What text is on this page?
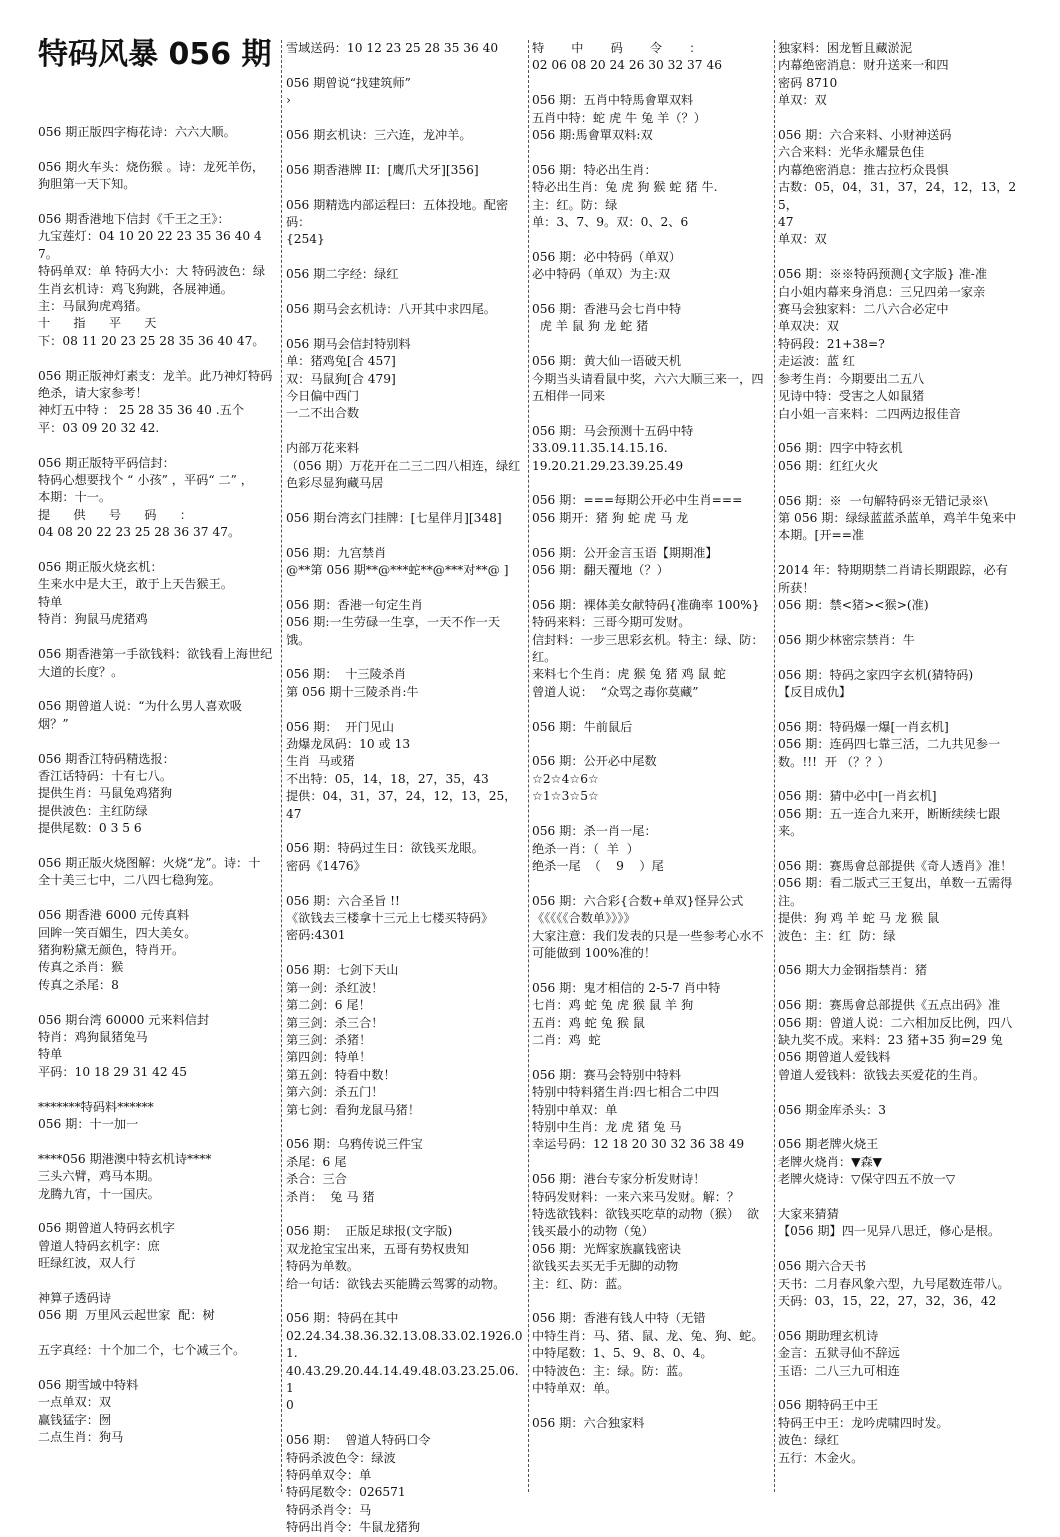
特码风暴 056 期
056 期正版四字梅花诗：六六大顺。
056 期火车头：烧伤猴 。诗：龙死羊伤，
狗胆第一天下知。
056 期香港地下信封《千王之王》：
九宝莲灯：04 10 20 22 23 35 36 40 47。
特码单双：单 特码大小：大 特码波色：绿
生肖玄机诗：鸡飞狗跳，各展神通。
主：马鼠狗虎鸡猪。
十      指      平      天
下：08 11 20 23 25 28 35 36 40 47。
056 期正版神灯素支：龙羊。此乃神灯特码
绝杀，请大家参考！
神灯五中特 ： 25 28 35 36 40 .五个
平：03 09 20 32 42.
056 期正版特平码信封：
特码心想要找个 “ 小孩” ，平码“ 二” ，
本期：十一。
提      供      号      码      ：
04 08 20 22 23 25 28 36 37 47。
056 期正版火烧玄机：
生来水中是大王，敢于上天告猴王。
特单
特肖：狗鼠马虎猪鸡
056 期香港第一手欲钱料：欲钱看上海世纪
大道的长度？。
056 期曾道人说：“为什么男人喜欢吸
烟？”
056 期香江特码精选报：
香江话特码：十有七八。
提供生肖：马鼠兔鸡猪狗
提供波色：主红防绿
提供尾数：0 3 5 6
056 期正版火烧图解：火烧“龙”。诗：十
全十美三七中，二八四七稳狗笼。
056 期香港 6000 元传真料
回眸一笑百媚生，四大美女。
猪狗粉黛无颜色，特肖开。
传真之杀肖：猴
传真之杀尾：8
056 期台湾 60000 元来料信封
特肖：鸡狗鼠猪兔马
特单
平码：10 18 29 31 42 45
*******特码料******
056 期：十一加一
****056 期港澳中特玄机诗****
三头六臂，鸡马本期。
龙腾九宵，十一国庆。
056 期曾道人特码玄机字
曾道人特码玄机字：庶
旺绿红波，双人行
神算子透码诗
056 期  万里风云起世家  配：树
五字真经：十个加二个，七个减三个。
056 期雪域中特料
一点单双：双
赢钱猛字：囫
二点生肖：狗马
雪域送码：10 12 23 25 28 35 36 40
056 期曾说“找建筑师”
›
056 期玄机诀：三六连，龙冲羊。
056 期香港牌 II：[鹰爪犬牙][356]
056 期精选内部运程曰：五体投地。配密码：
{254}
056 期二字经：绿红
056 期马会玄机诗：八开其中求四尾。
056 期马会信封特别料
单：猪鸡兔[合 457]
双：马鼠狗[合 479]
今日偏中西门
一二不出合数
内部万花来料
（056 期）万花开在二三二四八相连，绿红
色彩尽显狗藏马居
056 期台湾玄门挂牌：[七星伴月][348]
056 期：九宫禁肖
@**第 056 期**@***蛇**@***对**@ ]
056 期：香港一句定生肖
056 期:一生劳碌一生享，一天不作一天饿。
056 期：  十三陵杀肖
第 056 期十三陵杀肖:牛
056 期：  开门见山
劲爆龙凤码：10 或 13
生肖  马或猪
不出特：05，14，18，27，35，43
提供：04，31，37，24，12，13，25，47
056 期：特码过生日：欲钱买龙眼。
密码《1476》
056 期：六合圣旨 !!
《欲钱去三楼拿十三元上七楼买特码》
密码:4301
056 期：七剑下天山
第一剑：杀红波！
第二剑：6 尾！
第三剑：杀三合！
第三剑：杀猪！
第四剑：特单！
第五剑：特看中数！
第六剑：杀五门！
第七剑：看狗龙鼠马猪！
056 期：乌鸦传说三件宝
杀尾：6 尾
杀合：三合
杀肖：  兔 马 猪
056 期：  正版足球报(文字版)
双龙抢宝宝出来，五哥有势权贵知
特码为单数。
给一句话：欲钱去买能腾云驾雾的动物。
056 期：特码在其中
02.24.34.38.36.32.13.08.33.02.1926.01.
40.43.29.20.44.14.49.48.03.23.25.06.1
0
056 期：  曾道人特码口令
特码杀波色令：绿波
特码单双令：单
特码尾数令：026571
特码杀肖令：马
特码出肖令：牛鼠龙猪狗
特       中       码       令       ：
02 06 08 20 24 26 30 32 37 46
056 期：五肖中特馬會單双料
五肖中特：蛇 虎 牛 兔 羊（？）
056 期:馬會單双料:双
056 期：特必出生肖：
特必出生肖：兔 虎 狗 猴 蛇 猪 牛.
主：红。防：绿
单：3、7、9。双：0、2、6
056 期：必中特码（单双）
必中特码（单双）为主:双
056 期：香港马会七肖中特
虎 羊 鼠 狗 龙 蛇 猪
056 期：黄大仙一语破天机
今期当头请看鼠中奖，六六大顺三来一，四
五相伴一同来
056 期：马会预测十五码中特
33.09.11.35.14.15.16.
19.20.21.29.23.39.25.49
056 期：===每期公开必中生肖===
056 期开：猪 狗 蛇 虎 马 龙
056 期：公开金言玉语【期期准】
056 期：翻天覆地（？）
056 期：裸体美女献特码{准确率 100%}
特码来料：三哥今期可发财。
信封料：一步三思彩玄机。特主：绿、防：
红。
来料七个生肖：虎 猴 兔 猪 鸡 鼠 蛇
曾道人说：  “众骂之毒你莫藏”
056 期：牛前鼠后
056 期：公开必中尾数
☆2☆4☆6☆
☆1☆3☆5☆
056 期：杀一肖一尾：
绝杀一肖：（  羊  ）
绝杀一尾  （    9    ）尾
056 期：六合彩{合数+单双}怪异公式
《《《《《合数单》》》》
大家注意：我们发表的只是一些参考心水不
可能做到 100%准的！
056 期：鬼才相信的 2-5-7 肖中特
七肖：鸡 蛇 兔 虎 猴 鼠 羊 狗
五肖：鸡 蛇 兔 猴 鼠
二肖：鸡  蛇
056 期：赛马会特别中特料
特别中特料猪生肖:四七相合二中四
特别中单双：单
特别中生肖：龙 虎 猪 兔 马
幸运号码：12 18 20 30 32 36 38 49
056 期：港台专家分析发财诗！
特码发财料：一来六来马发财。解：？
特选欲钱料：欲钱买吃草的动物（猴）  欲
钱买最小的动物（兔）
056 期：光辉家族赢钱密诀
欲钱买去买无手无脚的动物
主：红、防：蓝。
056 期：香港有钱人中特（无错
中特生肖：马、猪、鼠、龙、兔、狗、蛇。
中特尾数：1、5、9、8、0、4。
中特波色：主：绿。防：蓝。
中特单双：单。
056 期：六合独家料
独家料：困龙暂且藏淤泥
内幕绝密消息：财升送来一和四
密码 8710
单双：双
056 期：六合来料、小财神送码
六合来料：光华永耀景色佳
内幕绝密消息：推古拉朽众畏惧
古数：05，04，31，37，24，12，13，25，
47
单双：双
056 期：※※特码预测{文字版} 准-准
白小姐内幕来身消息：三兄四弟一家亲
赛马会独家料：二八六合必定中
单双决：双
特码段：21+38=?
走运波：蓝 红
参考生肖：今期要出二五八
见诗中特：受害之人如鼠猪
白小姐一言来料：二四两边报佳音
056 期：四字中特玄机
056 期：红红火火
056 期：※  一句解特码※无错记录※\
第 056 期：绿绿蓝蓝杀蓝单，鸡羊牛兔来中
本期。[开==准
2014 年：特期期禁二肖请长期跟踪，必有
所获！
056 期：禁<猪><猴>(准)
056 期少林密宗禁肖：牛
056 期：特码之家四字玄机(猜特码)
【反目成仇】
056 期：特码爆一爆[一肖玄机]
056 期：连码四七靠三活，二九共见参一
数。!!!  开 （？？）
056 期：猜中必中[一肖玄机]
056 期：五一连合九来开，断断续续七跟来。
056 期：赛馬會总部提供《奇人透肖》准！
056 期：看二版式三王复出，单数一五需得
注。
提供：狗 鸡 羊 蛇 马 龙 猴 鼠
波色：主：红  防：绿
056 期大力金钢指禁肖：猪
056 期：赛馬會总部提供《五点出码》准
056 期：曾道人说：二六相加反比例，四八
缺九奖不成。来料：23 猪+35 狗=29 兔
056 期曾道人爱钱料
曾道人爱钱料：欲钱去买爱花的生肖。
056 期金库杀头：3
056 期老牌火烧王
老牌火烧肖：▼森▼
老牌火烧诗：▽保守四五不放一▽
大家来猜猜
【056 期】四一见异八思迁，修心是根。
056 期六合天书
天书：二月春风象六型，九号尾数连带八。
天码：03，15，22，27，32，36，42
056 期助理玄机诗
金言：五狱寻仙不辞远
玉语：二八三九可相连
056 期特码王中王
特码王中王：龙吟虎啸四时发。
波色：绿红
五行：木金火。
